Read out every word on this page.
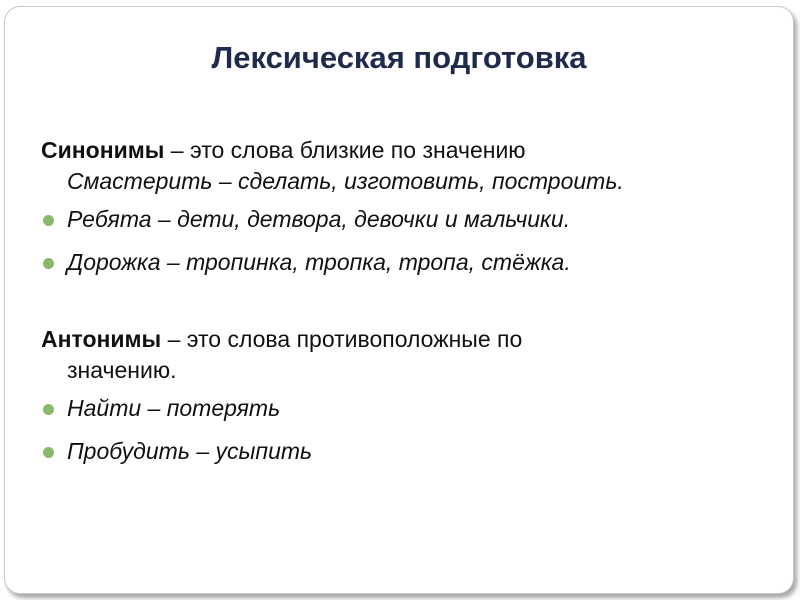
Лексическая подготовка
Синонимы – это слова близкие по значению
Смастерить – сделать, изготовить, построить.
Ребята – дети, детвора, девочки и мальчики.
Дорожка – тропинка, тропка, тропа, стёжка.
Антонимы – это слова противоположные по
значению.
Найти – потерять
Пробудить – усыпить
